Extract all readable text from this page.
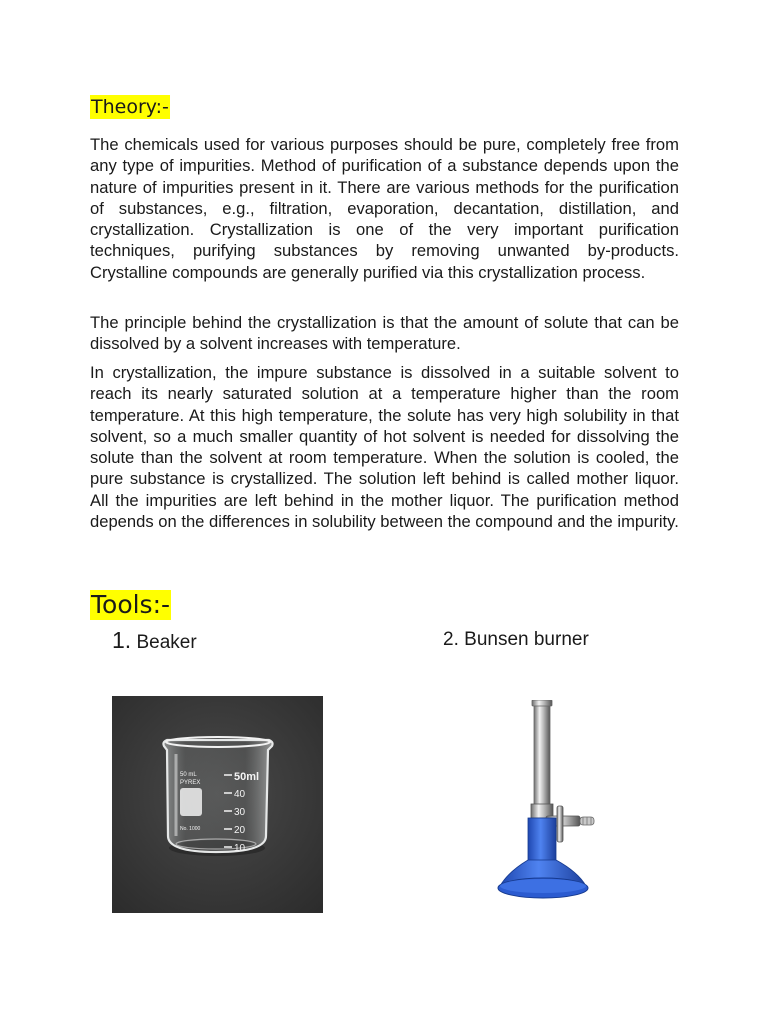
Theory:-

The chemicals used for various purposes should be pure, completely free from any type of impurities. Method of purification of a substance depends upon the nature of impurities present in it. There are various methods for the purification of substances, e.g., filtration, evaporation, decantation, distillation, and crystallization. Crystallization is one of the very important purification techniques, purifying substances by removing unwanted by-products. Crystalline compounds are generally purified via this crystallization process.

The principle behind the crystallization is that the amount of solute that can be dissolved by a solvent increases with temperature.

In crystallization, the impure substance is dissolved in a suitable solvent to reach its nearly saturated solution at a temperature higher than the room temperature. At this high temperature, the solute has very high solubility in that solvent, so a much smaller quantity of hot solvent is needed for dissolving the solute than the solvent at room temperature. When the solution is cooled, the pure substance is crystallized. The solution left behind is called mother liquor. All the impurities are left behind in the mother liquor. The purification method depends on the differences in solubility between the compound and the impurity.

Tools:-
1. Beaker	2. Bunsen burner
50ml
40
30
20
10
50 mL
PYREX
No. 1000
